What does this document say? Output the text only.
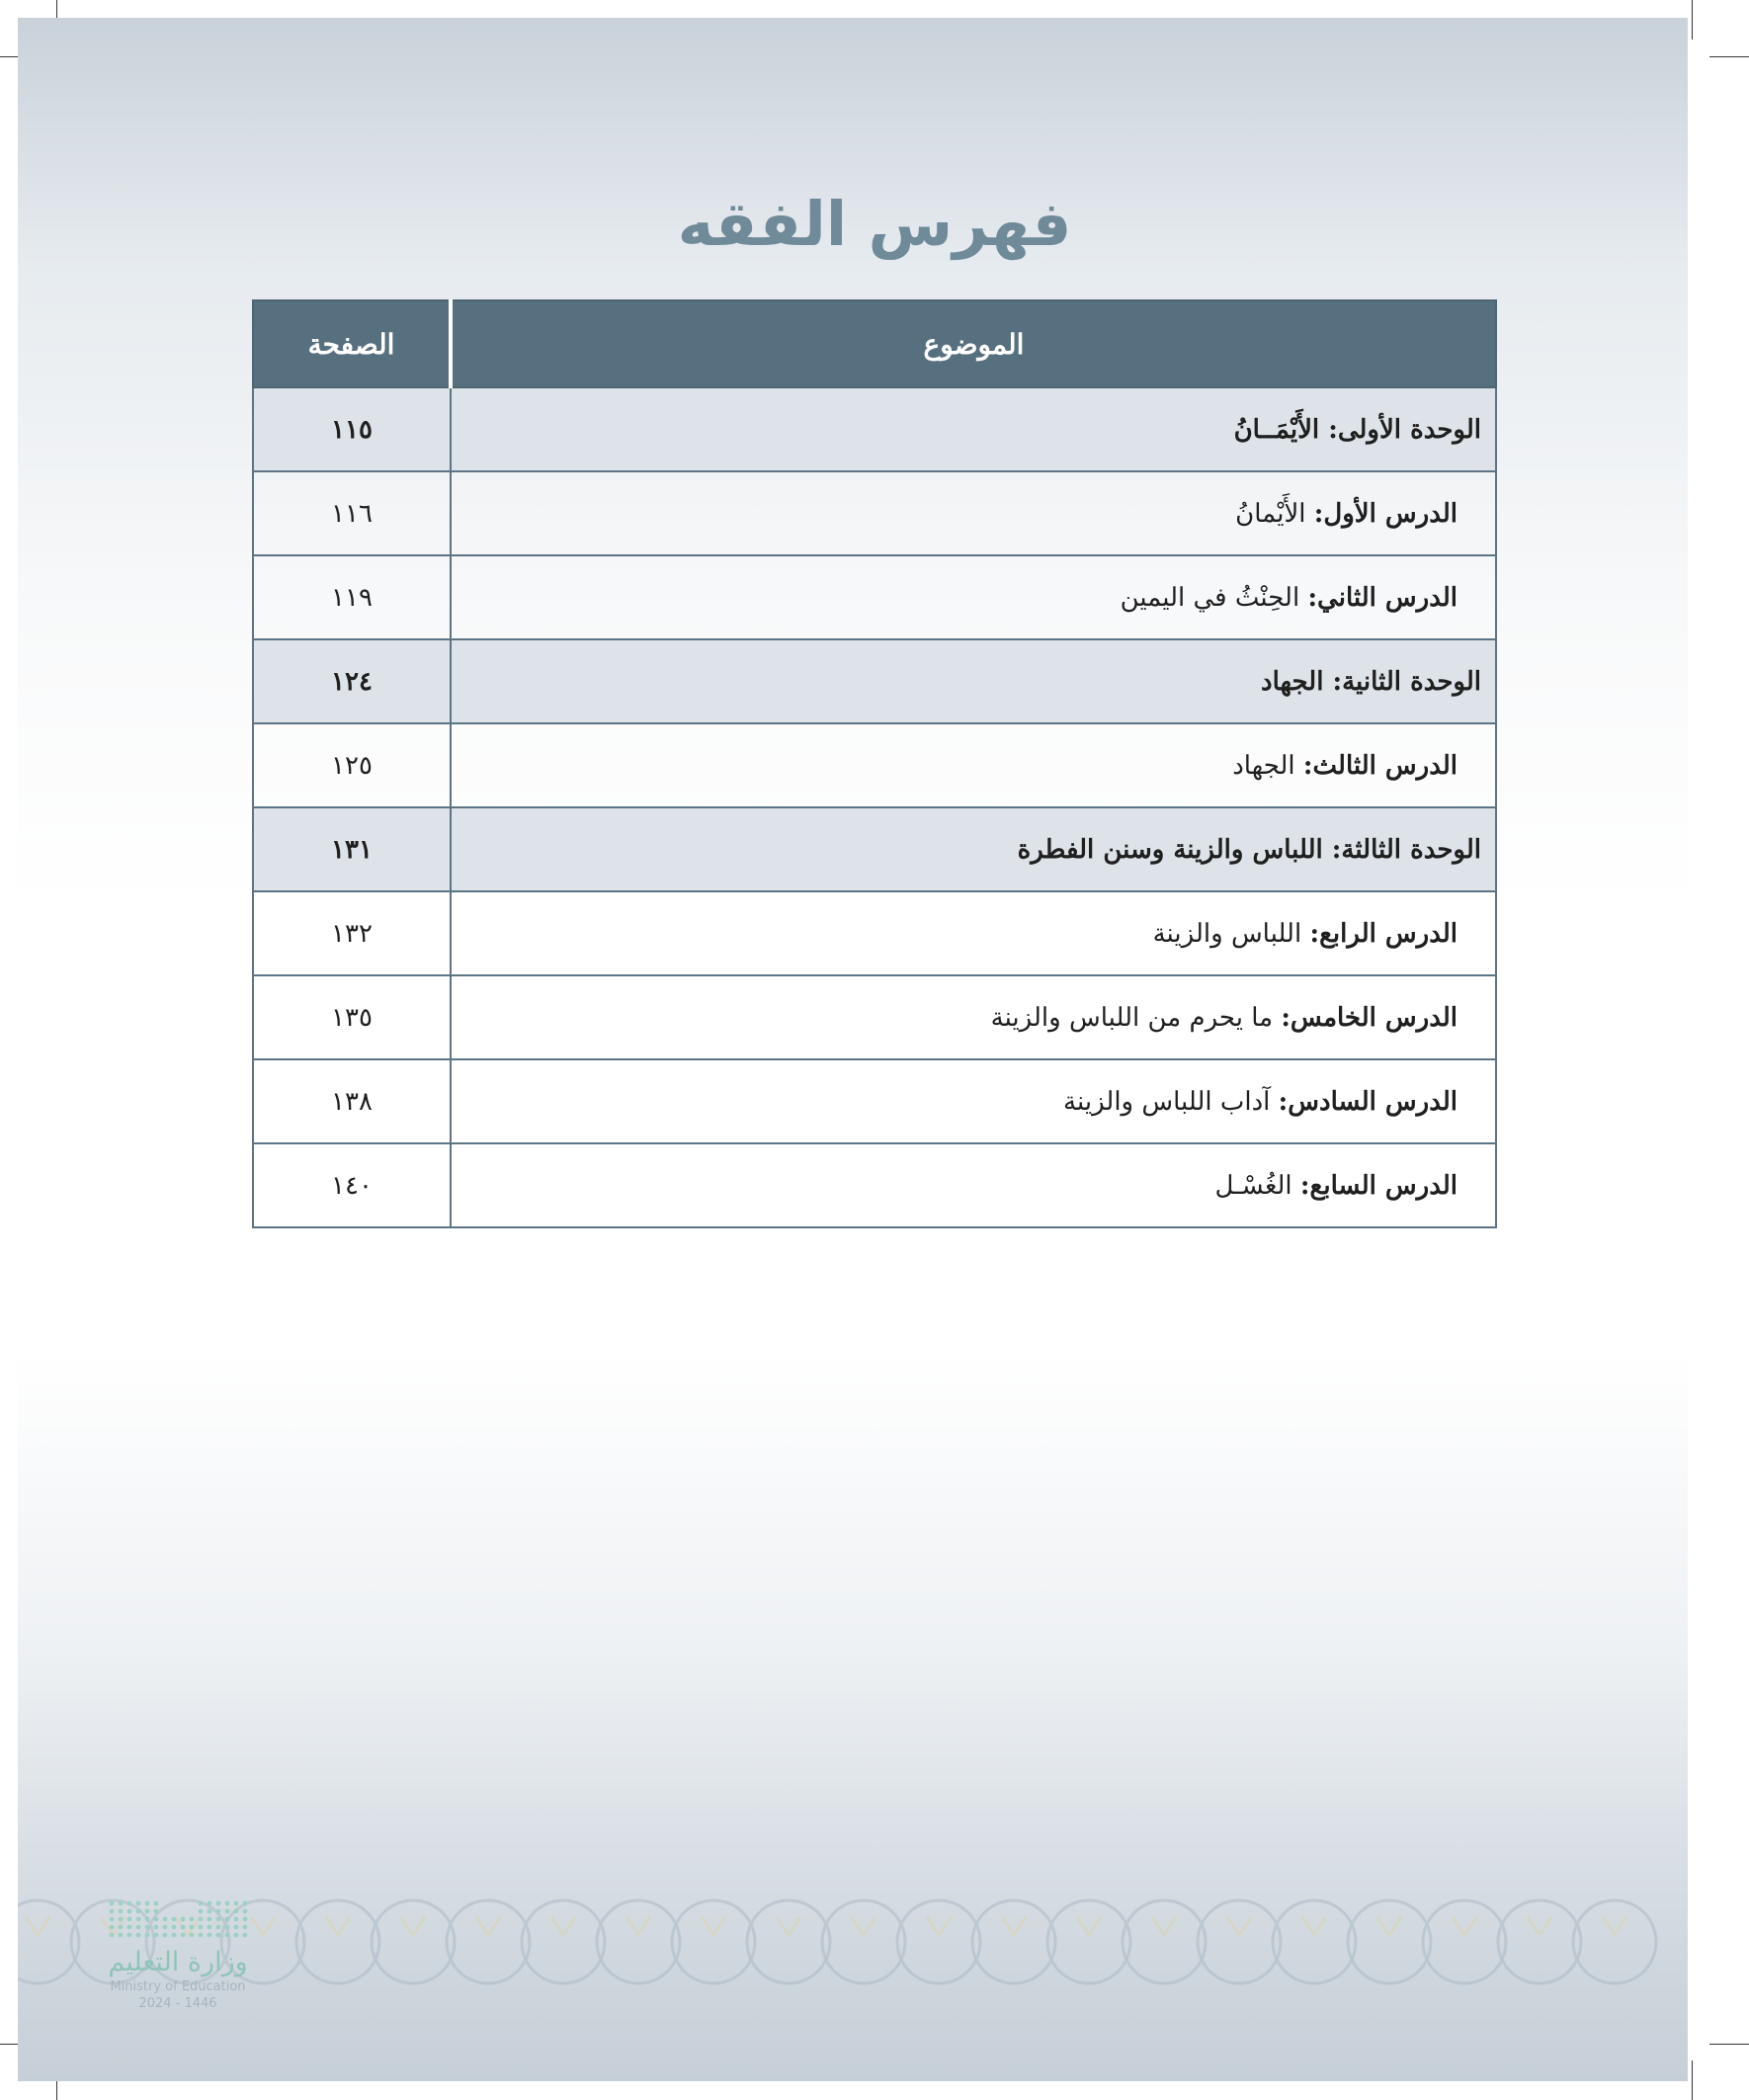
فهرس الفقه
الموضوع	الصفحة
الوحدة الأولى: الأَيْمَــانُ	١١٥
الدرس الأول: الأَيْمانُ	١١٦
الدرس الثاني: الحِنْثُ في اليمين	١١٩
الوحدة الثانية: الجهاد	١٢٤
الدرس الثالث: الجهاد	١٢٥
الوحدة الثالثة: اللباس والزينة وسنن الفطرة	١٣١
الدرس الرابع: اللباس والزينة	١٣٢
الدرس الخامس: ما يحرم من اللباس والزينة	١٣٥
الدرس السادس: آداب اللباس والزينة	١٣٨
الدرس السابع: الغُسْـل	١٤٠
وزارة التعليم
Ministry of Education
2024 - 1446
